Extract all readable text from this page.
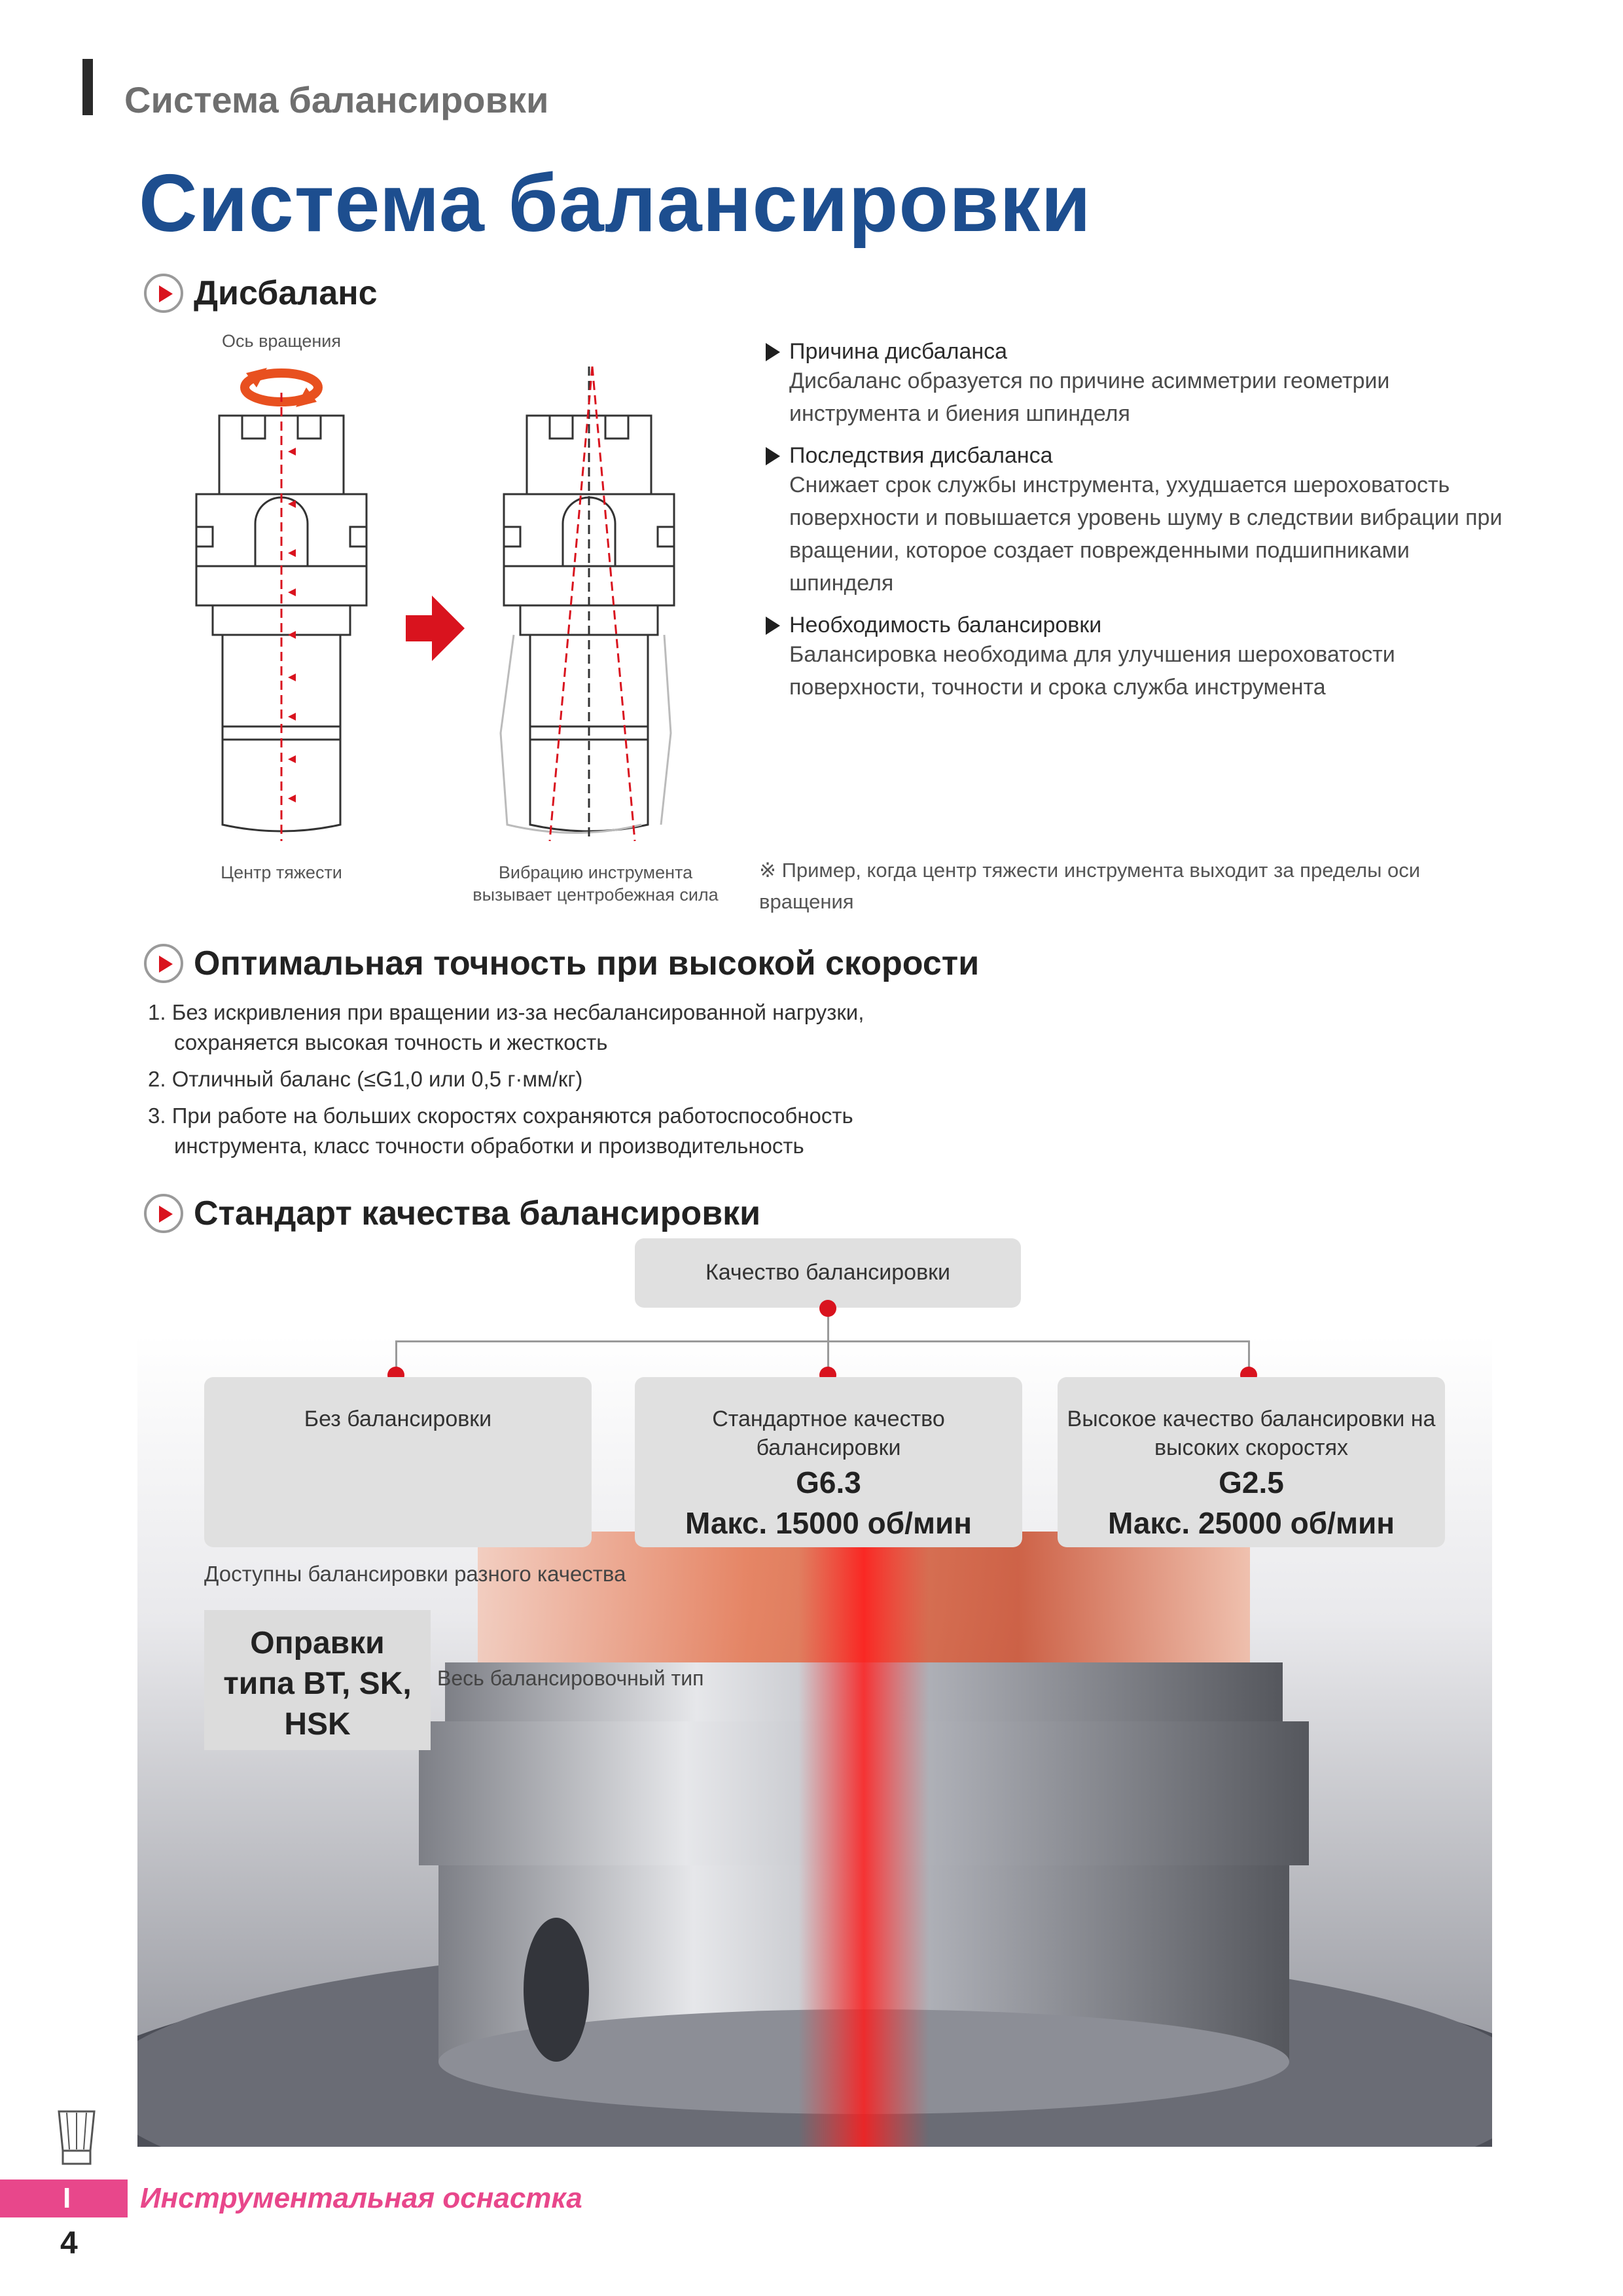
Система балансировки
Система балансировки
Дисбаланс
Ось вращения
Центр тяжести	Вибрацию инструмента
вызывает центробежная сила
Причина дисбаланса
Дисбаланс образуется по причине асимметрии геометрии инструмента и биения шпинделя
Последствия дисбаланса
Снижает срок службы инструмента, ухудшается шероховатость поверхности и повышается уровень шуму в следствии вибрации при вращении, которое создает поврежденными подшипниками шпинделя
Необходимость балансировки
Балансировка необходима для улучшения шероховатости поверхности, точности и срока служба инструмента
※ Пример, когда центр тяжести инструмента выходит за пределы оси вращения
Оптимальная точность при высокой скорости
1. Без искривления при вращении из-за несбалансированной нагрузки, сохраняется высокая точность и жесткость
2. Отличный баланс (≤G1,0 или 0,5 г·мм/кг)
3. При работе на больших скоростях сохраняются работоспособность инструмента, класс точности обработки и производительность
Стандарт качества балансировки
Качество балансировки
Без балансировки	Стандартное качество балансировки
G6.3
Макс. 15000 об/мин
Высокое качество балансировки на высоких скоростях
G2.5
Макс. 25000 об/мин
Доступны балансировки разного качества
Оправки типа BT, SK, HSK
Весь балансировочный тип
I Инструментальная оснастка
4
